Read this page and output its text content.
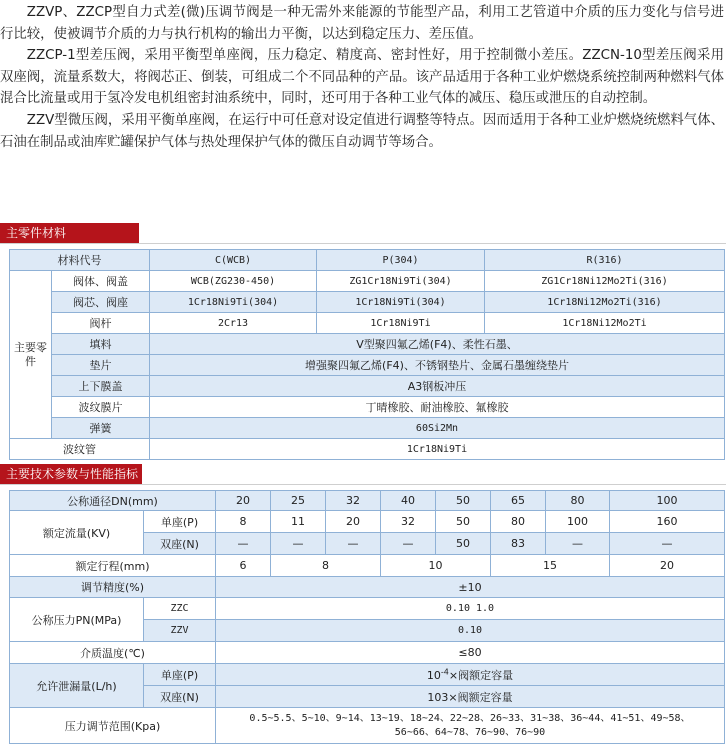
ZZVP、ZZCP型自力式差(微)压调节阀是一种无需外来能源的节能型产品，利用工艺管道中介质的压力变化与信号进行比较，使被调节介质的力与执行机构的输出力平衡，以达到稳定压力、差压值。

ZZCP-1型差压阀，采用平衡型单座阀，压力稳定、精度高、密封性好，用于控制微小差压。ZZCN-10型差压阀采用双座阀，流量系数大，将阀芯正、倒装，可组成二个不同品种的产品。该产品适用于各种工业炉燃烧系统控制两种燃料气体混合比流量或用于氢冷发电机组密封油系统中，同时，还可用于各种工业气体的减压、稳压或泄压的自动控制。

ZZV型微压阀，采用平衡单座阀，在运行中可任意对设定值进行调整等特点。因而适用于各种工业炉燃烧统燃料气体、石油在制品或油库贮罐保护气体与热处理保护气体的微压自动调节等场合。

主零件材料
材料代号		C(WCB)	P(304)	R(316)
主要零件	阀体、阀盖	WCB(ZG230-450)	ZG1Cr18Ni9Ti(304)	ZG1Cr18Ni12Mo2Ti(316)
	阀芯、阀座	1Cr18Ni9Ti(304)	1Cr18Ni9Ti(304)	1Cr18Ni12Mo2Ti(316)
	阀杆	2Cr13	1Cr18Ni9Ti	1Cr18Ni12Mo2Ti
	填料	V型聚四氟乙烯(F4)、柔性石墨、		
	垫片	增强聚四氟乙烯(F4)、不锈钢垫片、金属石墨缠绕垫片		
	上下膜盖	A3钢板冲压		
	波纹膜片	丁晴橡胶、耐油橡胶、氟橡胶		
	弹簧	60Si2Mn		
波纹管		1Cr18Ni9Ti		
主要技术参数与性能指标
公称通径DN(mm)		20	25	32	40	50	65	80	100
额定流量(KV)	单座(P)	8	11	20	32	50	80	100	160
	双座(N)	—	—	—	—	50	83	—	—
额定行程(mm)		6	8		10		15		20
调节精度(%)		±10							
公称压力PN(MPa)	ZZC	0.10 1.0							
	ZZV	0.10							
介质温度(℃)		≤80							
允许泄漏量(L/h)	单座(P)	$10^{-4}\times$阀额定容量							
	双座(N)	103×阀额定容量							
压力调节范围(Kpa)		0.5~5.5、5~10、9~14、13~19、18~24、22~28、26~33、31~38、36~44、41~51、49~58、
56~66、64~78、76~90、76~90							
